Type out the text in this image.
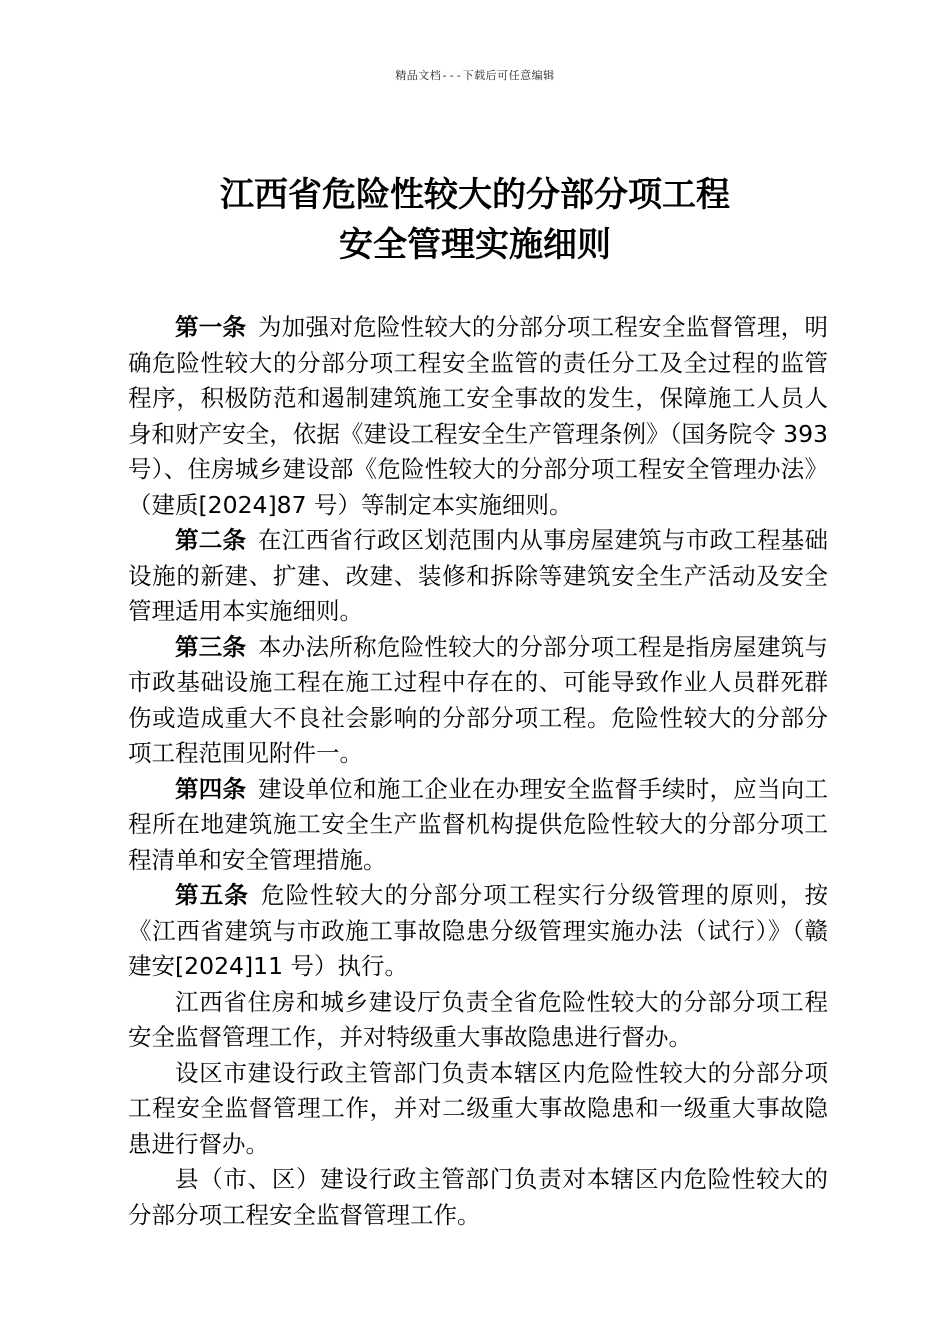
精品文档---下载后可任意编辑
江西省危险性较大的分部分项工程
安全管理实施细则

第一条 为加强对危险性较大的分部分项工程安全监督管理，明确危险性较大的分部分项工程安全监管的责任分工及全过程的监管程序，积极防范和遏制建筑施工安全事故的发生，保障施工人员人身和财产安全，依据《建设工程安全生产管理条例》（国务院令 393 号）、住房城乡建设部《危险性较大的分部分项工程安全管理办法》（建质[2024]87 号）等制定本实施细则。

第二条 在江西省行政区划范围内从事房屋建筑与市政工程基础设施的新建、扩建、改建、装修和拆除等建筑安全生产活动及安全管理适用本实施细则。

第三条 本办法所称危险性较大的分部分项工程是指房屋建筑与市政基础设施工程在施工过程中存在的、可能导致作业人员群死群伤或造成重大不良社会影响的分部分项工程。危险性较大的分部分项工程范围见附件一。

第四条 建设单位和施工企业在办理安全监督手续时，应当向工程所在地建筑施工安全生产监督机构提供危险性较大的分部分项工程清单和安全管理措施。

第五条 危险性较大的分部分项工程实行分级管理的原则，按《江西省建筑与市政施工事故隐患分级管理实施办法（试行）》（赣建安[2024]11 号）执行。

江西省住房和城乡建设厅负责全省危险性较大的分部分项工程安全监督管理工作，并对特级重大事故隐患进行督办。

设区市建设行政主管部门负责本辖区内危险性较大的分部分项工程安全监督管理工作，并对二级重大事故隐患和一级重大事故隐患进行督办。

县（市、区）建设行政主管部门负责对本辖区内危险性较大的分部分项工程安全监督管理工作。
